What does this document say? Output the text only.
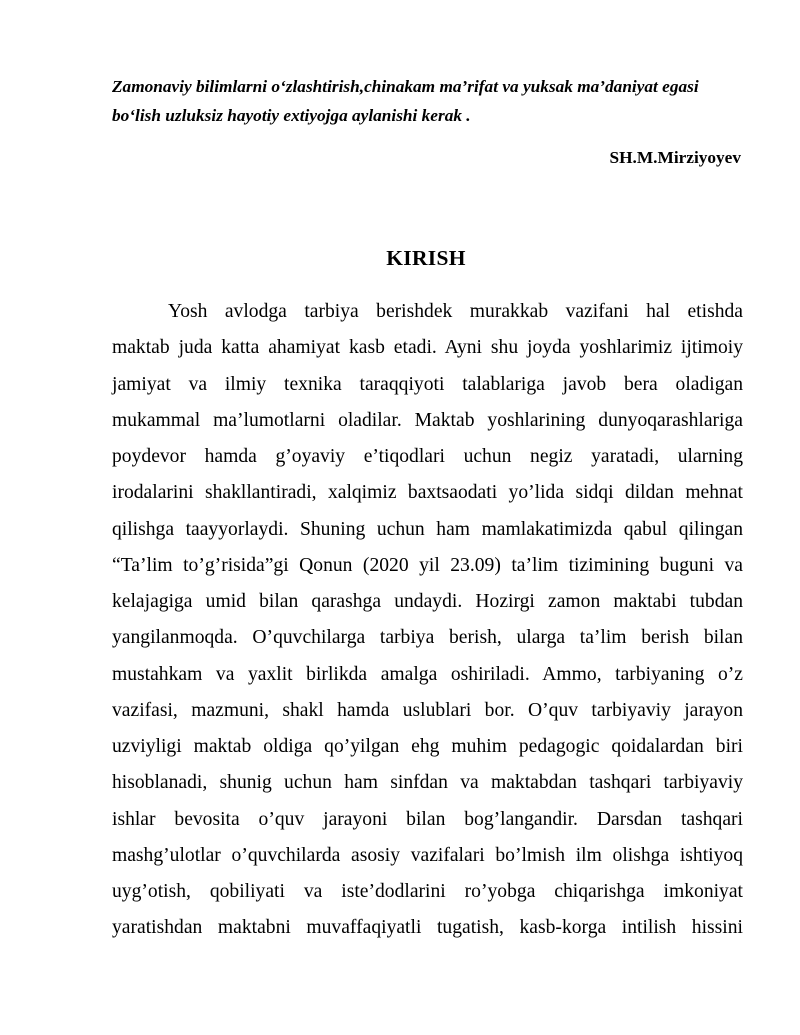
Zamonaviy bilimlarni o‘zlashtirish,chinakam ma’rifat va yuksak ma’daniyat egasi
bo‘lish uzluksiz hayotiy extiyojga aylanishi kerak .

SH.M.Mirziyoyev

KIRISH
Yosh avlodga tarbiya berishdek murakkab vazifani hal etishda
maktab juda katta ahamiyat kasb etadi. Ayni shu joyda yoshlarimiz ijtimoiy
jamiyat va ilmiy texnika taraqqiyoti talablariga javob bera oladigan
mukammal ma’lumotlarni oladilar. Maktab yoshlarining dunyoqarashlariga
poydevor hamda g’oyaviy e’tiqodlari uchun negiz yaratadi, ularning
irodalarini shakllantiradi, xalqimiz baxtsaodati yo’lida sidqi dildan mehnat
qilishga taayyorlaydi. Shuning uchun ham mamlakatimizda qabul qilingan
“Ta’lim to’g’risida”gi Qonun (2020 yil 23.09) ta’lim tizimining buguni va
kelajagiga umid bilan qarashga undaydi. Hozirgi zamon maktabi tubdan
yangilanmoqda. O’quvchilarga tarbiya berish, ularga ta’lim berish bilan
mustahkam va yaxlit birlikda amalga oshiriladi. Ammo, tarbiyaning o’z
vazifasi, mazmuni, shakl hamda uslublari bor. O’quv tarbiyaviy jarayon
uzviyligi maktab oldiga qo’yilgan ehg muhim pedagogic qoidalardan biri
hisoblanadi, shunig uchun ham sinfdan va maktabdan tashqari tarbiyaviy
ishlar bevosita o’quv jarayoni bilan bog’langandir. Darsdan tashqari
mashg’ulotlar o’quvchilarda asosiy vazifalari bo’lmish ilm olishga ishtiyoq
uyg’otish, qobiliyati va iste’dodlarini ro’yobga chiqarishga imkoniyat
yaratishdan maktabni muvaffaqiyatli tugatish, kasb-korga intilish hissini
